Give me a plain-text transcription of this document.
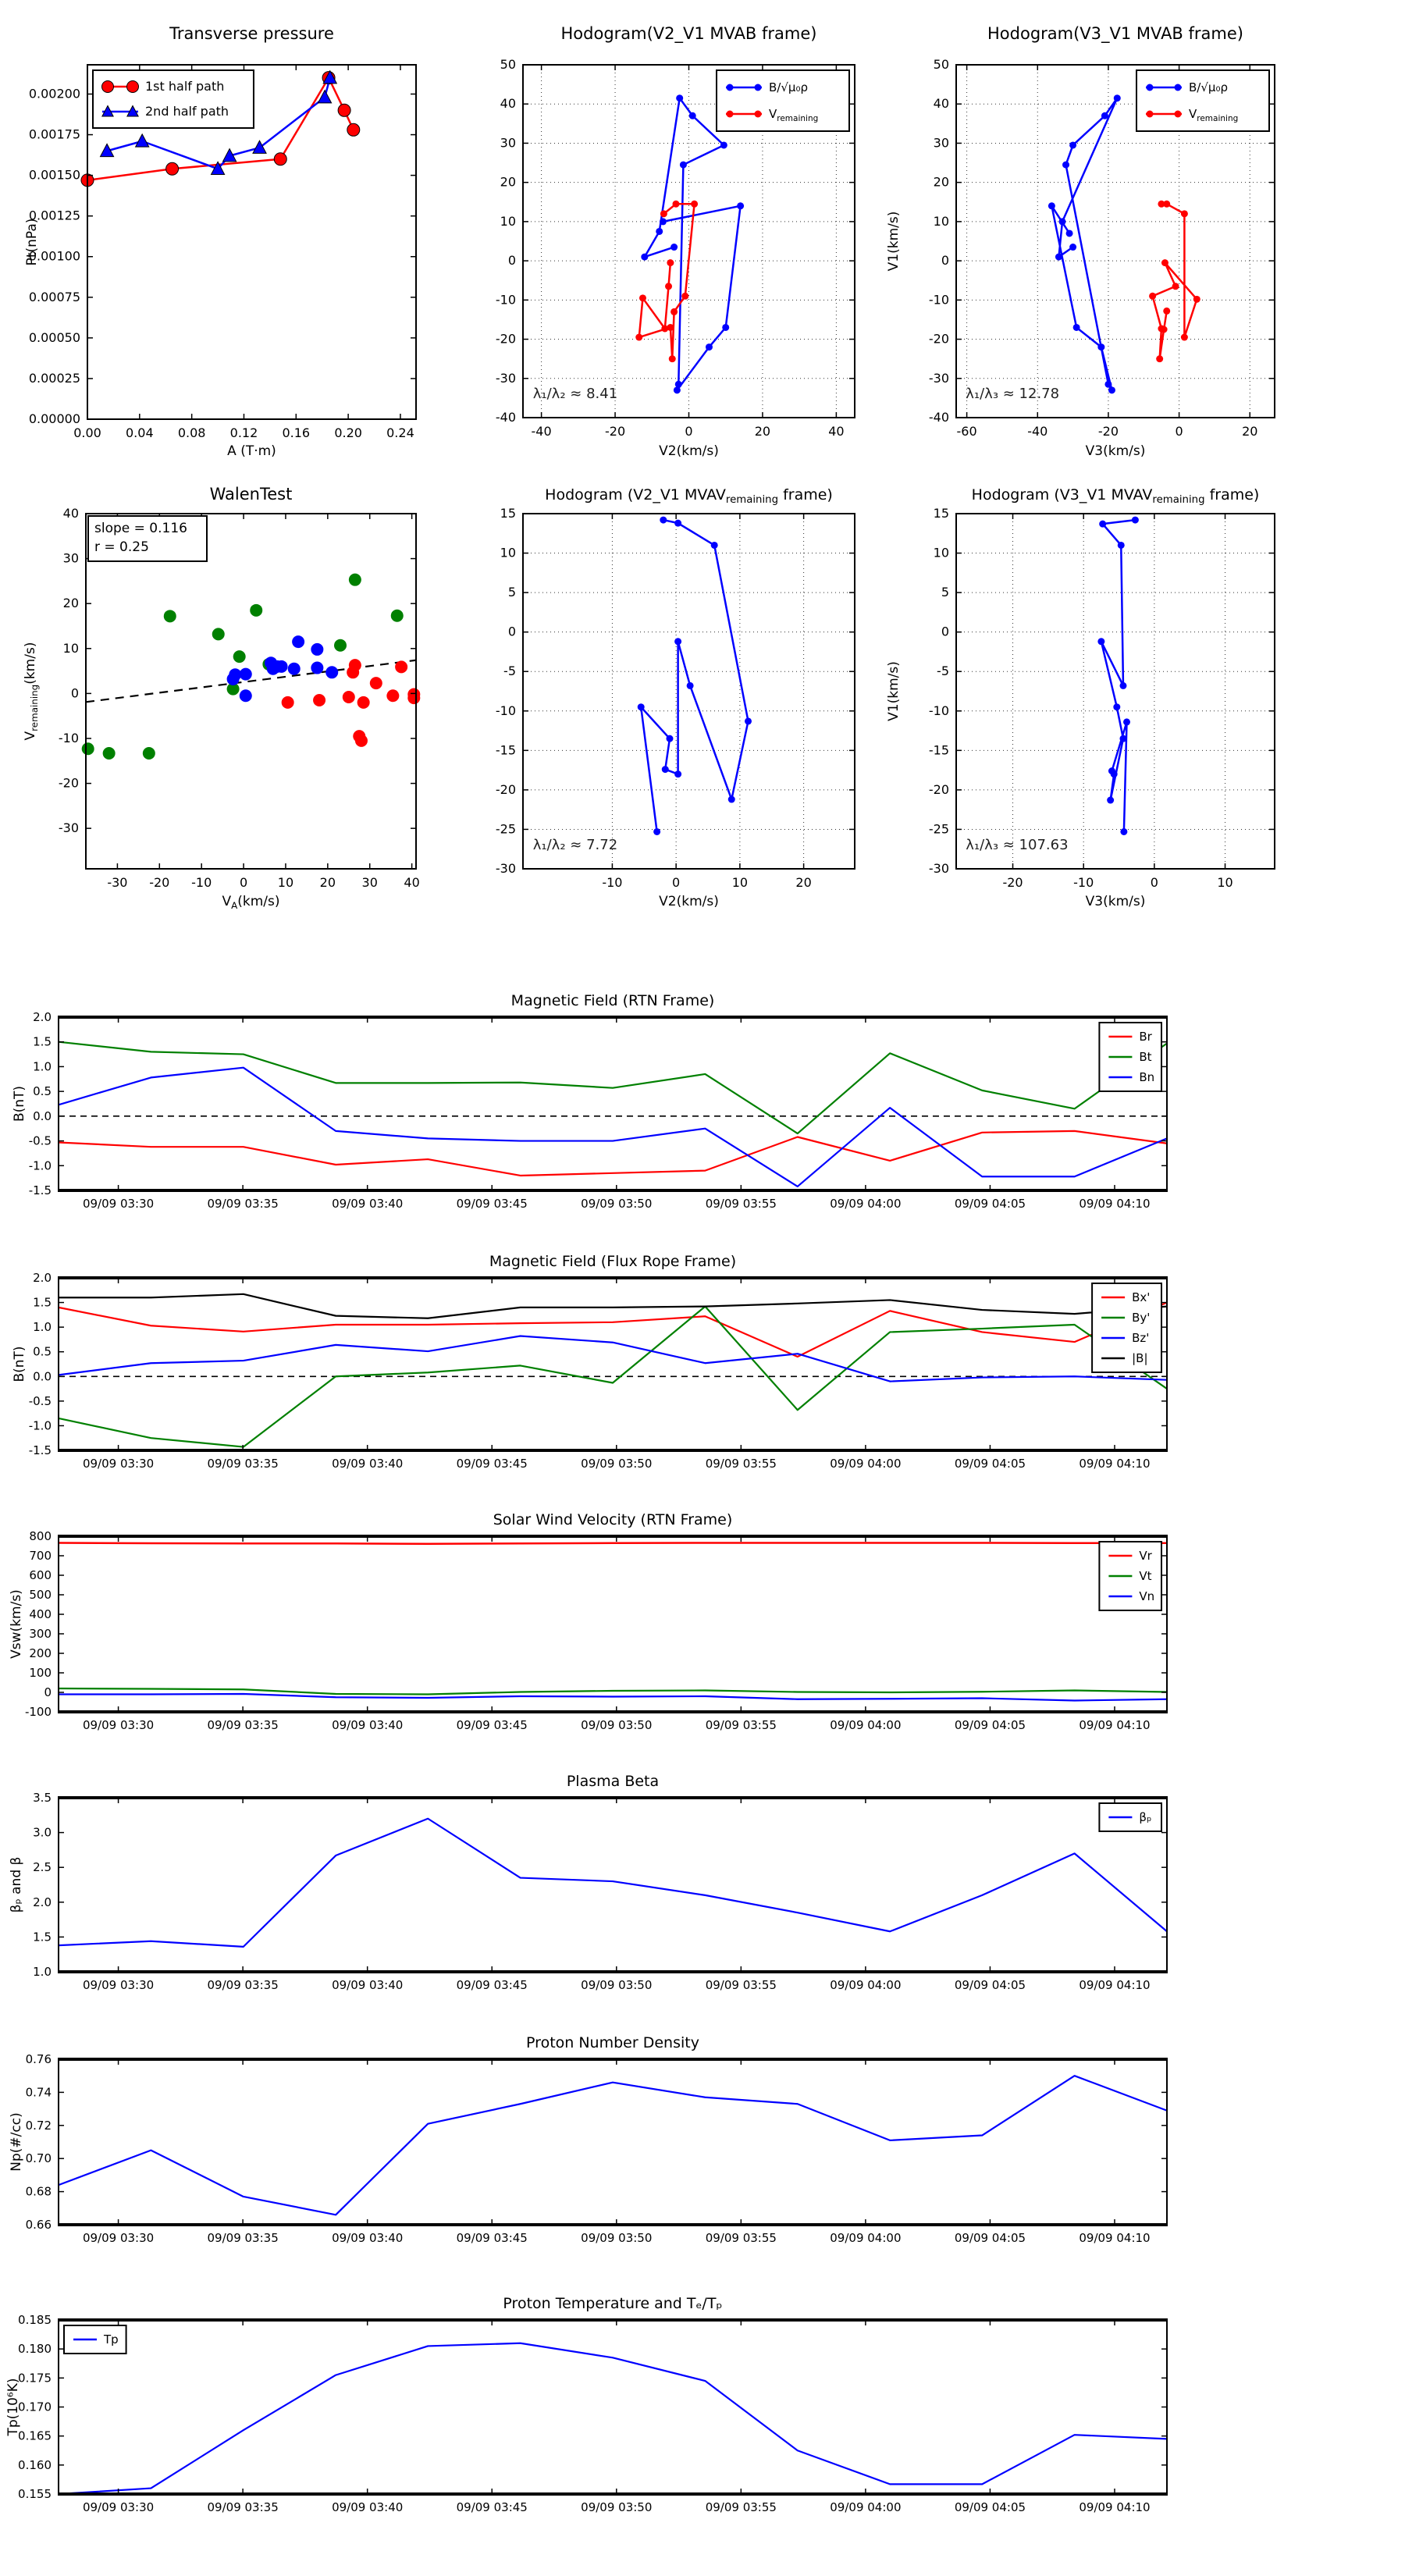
0.00 0.04 0.08 0.12 0.16 0.20 0.24
0.00000
0.00025
0.00050
0.00075
0.00100
0.00125
0.00150
0.00175
0.00200
Transverse pressure
A (T·m)
Pt(nPa)
1st half path
2nd half path
-40	-20	0	20	40
-40
-30
-20
-10
0
10
20
30
40
50
Hodogram(V2_V1 MVAB frame)
V2(km/s)
λ₁/λ₂ ≈ 8.41
B/√μ₀ρ
$V_{remaining}$
-60	-40	-20	0	20
-40
-30
-20
-10
0
10
20
30
40
50
Hodogram(V3_V1 MVAB frame)
V3(km/s)
V1(km/s)
λ₁/λ₃ ≈ 12.78
B/√μ₀ρ
$V_{remaining}$
-30 -20 -10 0 10 20 30 40
-30
-20
-10
0
10
20
30
40
WalenTest
$V_A(km/s)$
$V_{remaining}(km/s)$
slope = 0.116
r = 0.25
-10	0	10	20
-30
-25
-20
-15
-10
-5
0
5
10
15
Hodogram (V2_V1 $MVAV_{remaining}$ frame)
V2(km/s)
λ₁/λ₂ ≈ 7.72
-20	-10	0	10
-30
-25
-20
-15
-10
-5
0
5
10
15
Hodogram (V3_V1 $MVAV_{remaining}$ frame)
V3(km/s)
V1(km/s)
λ₁/λ₃ ≈ 107.63
09/09 03:30	09/09 03:35	09/09 03:40	09/09 03:45	09/09 03:50	09/09 03:55	09/09 04:00	09/09 04:05	09/09 04:10
-1.5
-1.0
-0.5
0.0
0.5
1.0
1.5
2.0
Magnetic Field (RTN Frame)
B(nT)
Br
Bt
Bn
09/09 03:30	09/09 03:35	09/09 03:40	09/09 03:45	09/09 03:50	09/09 03:55	09/09 04:00	09/09 04:05	09/09 04:10
-1.5
-1.0
-0.5
0.0
0.5
1.0
1.5
2.0
Magnetic Field (Flux Rope Frame)
B(nT)
Bx'
By'
Bz'
|B|
09/09 03:30	09/09 03:35	09/09 03:40	09/09 03:45	09/09 03:50	09/09 03:55	09/09 04:00	09/09 04:05	09/09 04:10
-100
0
100
200
300
400
500
600
700
800
Solar Wind Velocity (RTN Frame)
Vsw(km/s)
Vr
Vt
Vn
09/09 03:30	09/09 03:35	09/09 03:40	09/09 03:45	09/09 03:50	09/09 03:55	09/09 04:00	09/09 04:05	09/09 04:10
1.0
1.5
2.0
2.5
3.0
3.5
Plasma Beta
βₚ and β
βₚ
09/09 03:30	09/09 03:35	09/09 03:40	09/09 03:45	09/09 03:50	09/09 03:55	09/09 04:00	09/09 04:05	09/09 04:10
0.66
0.68
0.70
0.72
0.74
0.76
Proton Number Density
Np(#/cc)
09/09 03:30	09/09 03:35	09/09 03:40	09/09 03:45	09/09 03:50	09/09 03:55	09/09 04:00	09/09 04:05	09/09 04:10
0.155
0.160
0.165
0.170
0.175
0.180
0.185
Proton Temperature and Tₑ/Tₚ
Tp(10⁶K)
Tp
